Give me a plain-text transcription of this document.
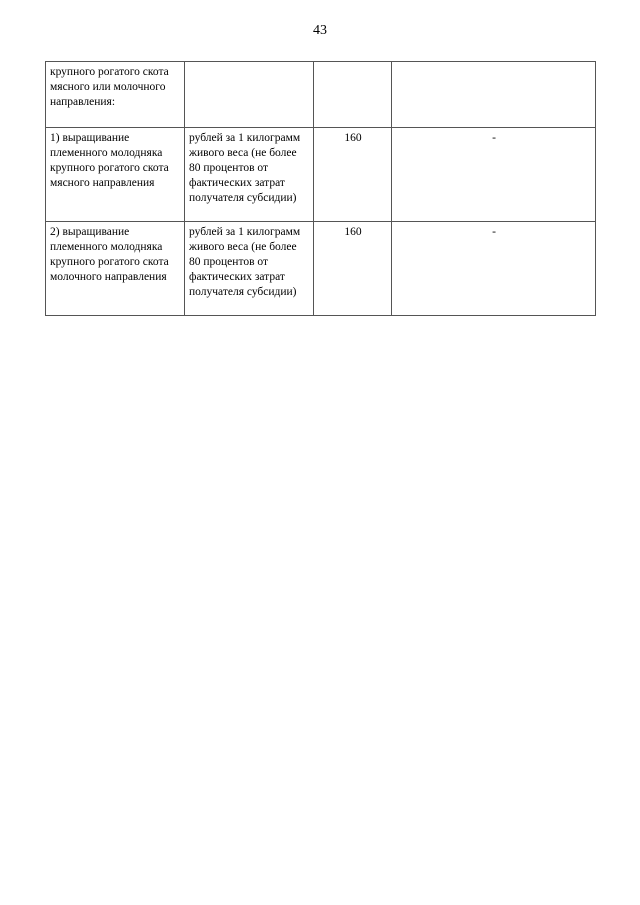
43
крупного рогатого скота мясного или молочного направления:			
1) выращивание племенного молодняка крупного рогатого скота мясного направления	рублей за 1 килограмм живого веса (не более 80 процентов от фактических затрат получателя субсидии)	160	-
2) выращивание племенного молодняка крупного рогатого скота молочного направления	рублей за 1 килограмм живого веса (не более 80 процентов от фактических затрат получателя субсидии)	160	-
